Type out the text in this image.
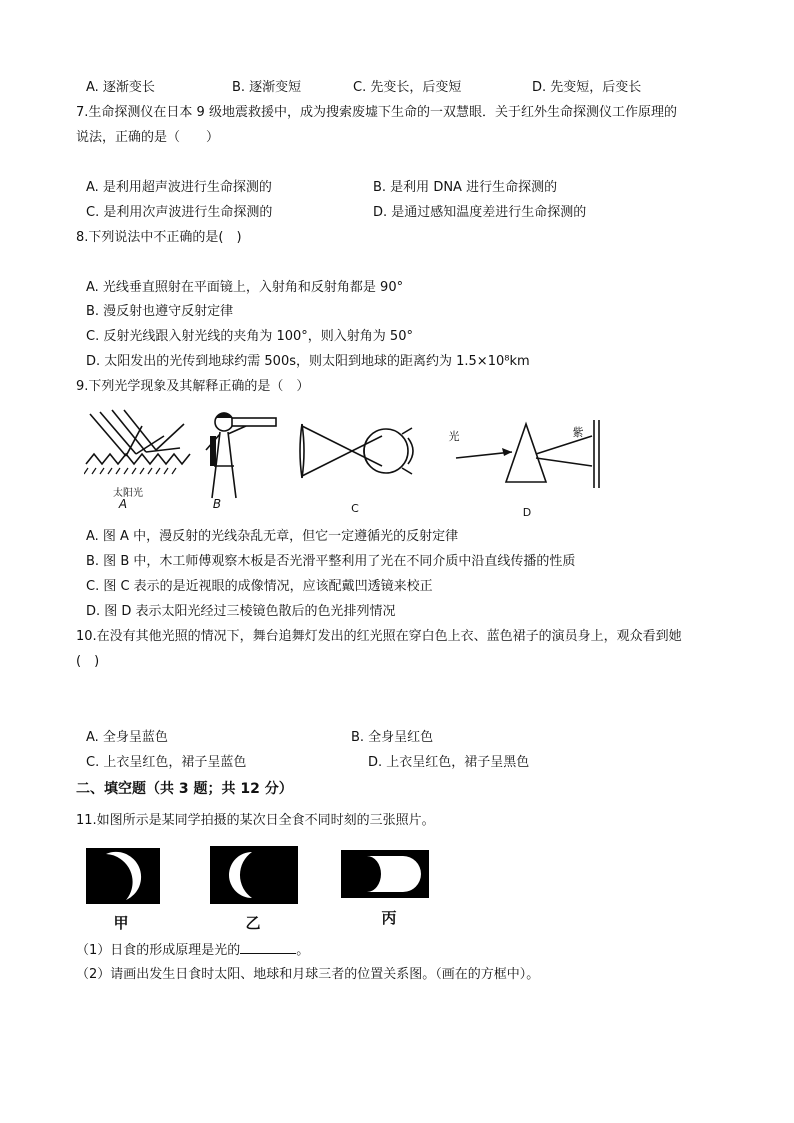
A. 逐渐变长	B. 逐渐变短	C. 先变长，后变短	D. 先变短，后变长
7.生命探测仪在日本 9 级地震救援中，成为搜索废墟下生命的一双慧眼．关于红外生命探测仪工作原理的
说法，正确的是（　　）
A. 是利用超声波进行生命探测的	B. 是利用 DNA 进行生命探测的
C. 是利用次声波进行生命探测的	D. 是通过感知温度差进行生命探测的
8.下列说法中不正确的是(　)
A. 光线垂直照射在平面镜上，入射角和反射角都是 90°
B. 漫反射也遵守反射定律
C. 反射光线跟入射光线的夹角为 100°，则入射角为 50°
D. 太阳发出的光传到地球约需 500s，则太阳到地球的距离约为 1.5×10⁸km
9.下列光学现象及其解释正确的是（　）
太阳光
A	B	C
光	紫
D
A. 图 A 中，漫反射的光线杂乱无章，但它一定遵循光的反射定律
B. 图 B 中，木工师傅观察木板是否光滑平整利用了光在不同介质中沿直线传播的性质
C. 图 C 表示的是近视眼的成像情况，应该配戴凹透镜来校正
D. 图 D 表示太阳光经过三棱镜色散后的色光排列情况
10.在没有其他光照的情况下，舞台追舞灯发出的红光照在穿白色上衣、蓝色裙子的演员身上，观众看到她
(　)
A. 全身呈蓝色	B. 全身呈红色
C. 上衣呈红色，裙子呈蓝色	D. 上衣呈红色，裙子呈黑色
二、填空题（共 3 题；共 12 分）
11.如图所示是某同学拍摄的某次日全食不同时刻的三张照片。
甲	乙	丙
（1）日食的形成原理是光的	。
（2）请画出发生日食时太阳、地球和月球三者的位置关系图。（画在的方框中）。
